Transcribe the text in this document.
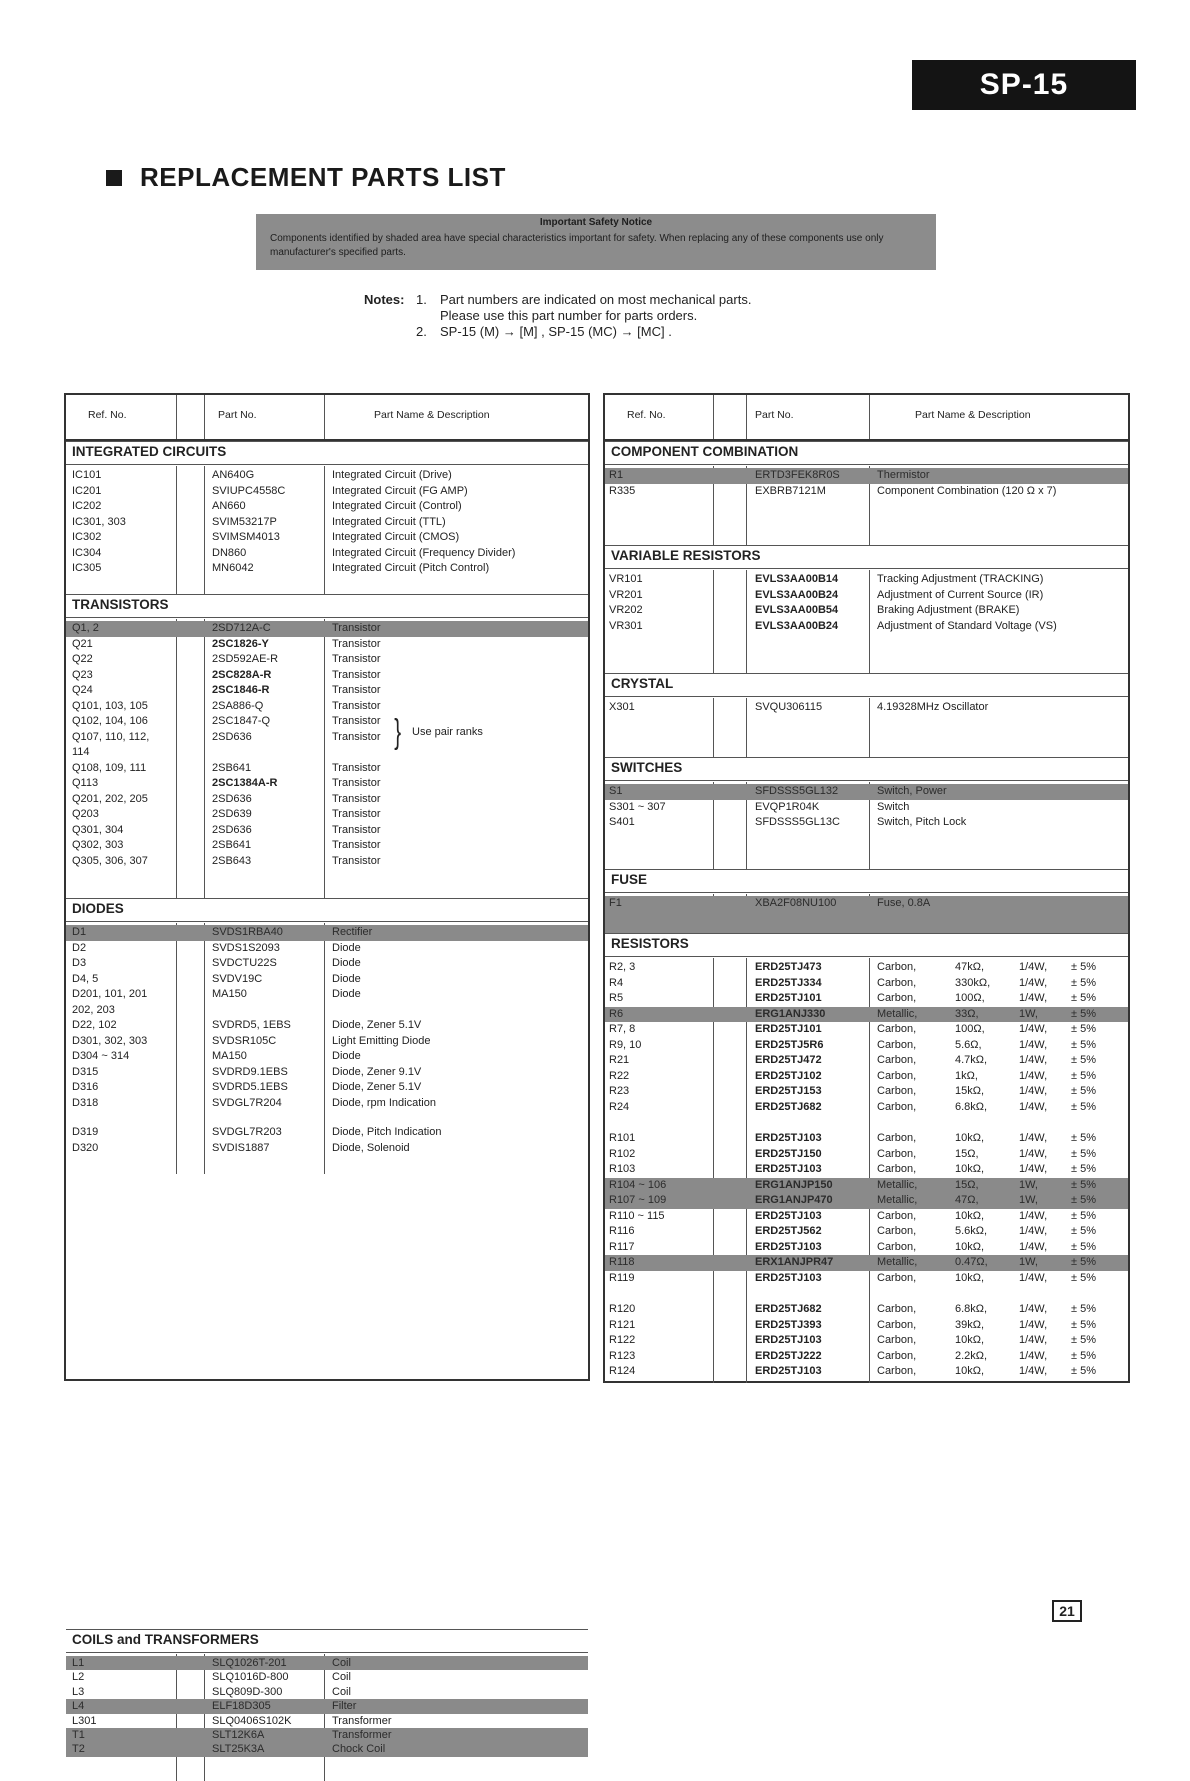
SP-15
REPLACEMENT PARTS LIST
Important Safety Notice

Components identified by shaded area have special characteristics important for safety. When replacing any of these components use only manufacturer's specified parts.

Notes: 1.	Part numbers are indicated on most mechanical parts.
Please use this part number for parts orders.
2.	SP-15 (M) → [M] , SP-15 (MC) → [MC] .
Ref. No.	Part No.	Part Name & Description
INTEGRATED CIRCUITS
IC101	AN640G	Integrated Circuit (Drive)
IC201	SVIUPC4558C	Integrated Circuit (FG AMP)
IC202	AN660	Integrated Circuit (Control)
IC301, 303	SVIM53217P	Integrated Circuit (TTL)
IC302	SVIMSM4013	Integrated Circuit (CMOS)
IC304	DN860	Integrated Circuit (Frequency Divider)
IC305	MN6042	Integrated Circuit (Pitch Control)
TRANSISTORS
Q1, 2	2SD712A-C	Transistor
Q21	2SC1826-Y	Transistor
Q22	2SD592AE-R	Transistor
Q23	2SC828A-R	Transistor
Q24	2SC1846-R	Transistor
Q101, 103, 105	2SA886-Q	Transistor
Q102, 104, 106	2SC1847-Q	Transistor
Q107, 110, 112,	2SD636	Transistor
114
Q108, 109, 111	2SB641	Transistor
Q113	2SC1384A-R	Transistor
Q201, 202, 205	2SD636	Transistor
Q203	2SD639	Transistor
Q301, 304	2SD636	Transistor
Q302, 303	2SB641	Transistor
Q305, 306, 307	2SB643	Transistor
DIODES
D1	SVDS1RBA40	Rectifier
D2	SVDS1S2093	Diode
D3	SVDCTU22S	Diode
D4, 5	SVDV19C	Diode
D201, 101, 201	MA150	Diode
202, 203
D22, 102	SVDRD5, 1EBS	Diode, Zener 5.1V
D301, 302, 303	SVDSR105C	Light Emitting Diode
D304 ~ 314	MA150	Diode
D315	SVDRD9.1EBS	Diode, Zener 9.1V
D316	SVDRD5.1EBS	Diode, Zener 5.1V
D318	SVDGL7R204	Diode, rpm Indication
D319	SVDGL7R203	Diode, Pitch Indication
D320	SVDIS1887	Diode, Solenoid
COILS and TRANSFORMERS
L1	SLQ1026T-201	Coil
L2	SLQ1016D-800	Coil
L3	SLQ809D-300	Coil
L4	ELF18D305	Filter
L301	SLQ0406S102K	Transformer
T1	SLT12K6A	Transformer
T2	SLT25K3A	Chock Coil
} Use pair ranks
Ref. No.	Part No.	Part Name & Description
COMPONENT COMBINATION
R1	ERTD3FEK8R0S	Thermistor
R335	EXBRB7121M	Component Combination (120 Ω x 7)
VARIABLE RESISTORS
VR101	EVLS3AA00B14	Tracking Adjustment (TRACKING)
VR201	EVLS3AA00B24	Adjustment of Current Source (IR)
VR202	EVLS3AA00B54	Braking Adjustment (BRAKE)
VR301	EVLS3AA00B24	Adjustment of Standard Voltage (VS)
CRYSTAL
X301	SVQU306115	4.19328MHz Oscillator
SWITCHES
S1	SFDSSS5GL132	Switch, Power
S301 ~ 307	EVQP1R04K	Switch
S401	SFDSSS5GL13C	Switch, Pitch Lock
FUSE
F1	XBA2F08NU100	Fuse, 0.8A
RESISTORS
R2, 3	ERD25TJ473	Carbon,	47kΩ,	1/4W, ± 5%
R4	ERD25TJ334	Carbon,	330kΩ,	1/4W, ± 5%
R5	ERD25TJ101	Carbon,	100Ω,	1/4W, ± 5%
R6	ERG1ANJ330	Metallic,	33Ω,	1W,	± 5%
R7, 8	ERD25TJ101	Carbon,	100Ω,	1/4W, ± 5%
R9, 10	ERD25TJ5R6	Carbon,	5.6Ω,	1/4W, ± 5%
R21	ERD25TJ472	Carbon,	4.7kΩ,	1/4W, ± 5%
R22	ERD25TJ102	Carbon,	1kΩ,	1/4W, ± 5%
R23	ERD25TJ153	Carbon,	15kΩ,	1/4W, ± 5%
R24	ERD25TJ682	Carbon,	6.8kΩ,	1/4W, ± 5%
R101	ERD25TJ103	Carbon,	10kΩ,	1/4W, ± 5%
R102	ERD25TJ150	Carbon,	15Ω,	1/4W, ± 5%
R103	ERD25TJ103	Carbon,	10kΩ,	1/4W, ± 5%
R104 ~ 106	ERG1ANJP150	Metallic,	15Ω,	1W,	± 5%
R107 ~ 109	ERG1ANJP470	Metallic,	47Ω,	1W,	± 5%
R110 ~ 115	ERD25TJ103	Carbon,	10kΩ,	1/4W, ± 5%
R116	ERD25TJ562	Carbon,	5.6kΩ,	1/4W, ± 5%
R117	ERD25TJ103	Carbon,	10kΩ,	1/4W, ± 5%
R118	ERX1ANJPR47	Metallic,	0.47Ω,	1W,	± 5%
R119	ERD25TJ103	Carbon,	10kΩ,	1/4W, ± 5%
R120	ERD25TJ682	Carbon,	6.8kΩ,	1/4W, ± 5%
R121	ERD25TJ393	Carbon,	39kΩ,	1/4W, ± 5%
R122	ERD25TJ103	Carbon,	10kΩ,	1/4W, ± 5%
R123	ERD25TJ222	Carbon,	2.2kΩ,	1/4W, ± 5%
R124	ERD25TJ103	Carbon,	10kΩ,	1/4W, ± 5%
21
